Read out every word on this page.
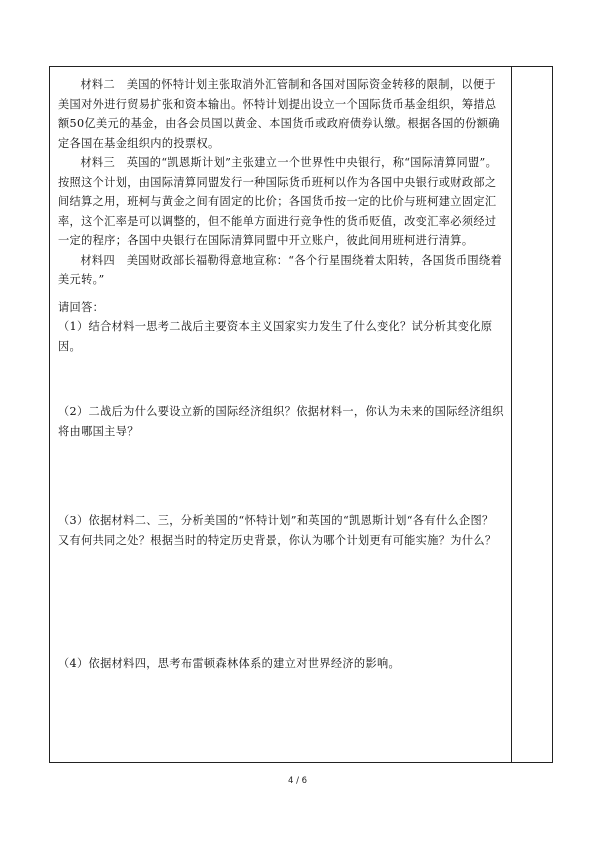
材料二 美国的怀特计划主张取消外汇管制和各国对国际资金转移的限制，以便于美国对外进行贸易扩张和资本输出。怀特计划提出设立一个国际货币基金组织，筹措总额50亿美元的基金，由各会员国以黄金、本国货币或政府债券认缴。根据各国的份额确定各国在基金组织内的投票权。

材料三 英国的“凯恩斯计划”主张建立一个世界性中央银行，称“国际清算同盟”。按照这个计划，由国际清算同盟发行一种国际货币班柯以作为各国中央银行或财政部之间结算之用，班柯与黄金之间有固定的比价；各国货币按一定的比价与班柯建立固定汇率，这个汇率是可以调整的，但不能单方面进行竞争性的货币贬值，改变汇率必须经过一定的程序；各国中央银行在国际清算同盟中开立账户，彼此间用班柯进行清算。

材料四 美国财政部长福勒得意地宣称：“各个行星围绕着太阳转，各国货币围绕着美元转。”

请回答：

（1）结合材料一思考二战后主要资本主义国家实力发生了什么变化？试分析其变化原因。

（2）二战后为什么要设立新的国际经济组织？依据材料一，你认为未来的国际经济组织将由哪国主导？

（3）依据材料二、三，分析美国的“怀特计划”和英国的“凯恩斯计划“各有什么企图？又有何共同之处？根据当时的特定历史背景，你认为哪个计划更有可能实施？为什么？

（4）依据材料四，思考布雷顿森林体系的建立对世界经济的影响。

4 / 6
